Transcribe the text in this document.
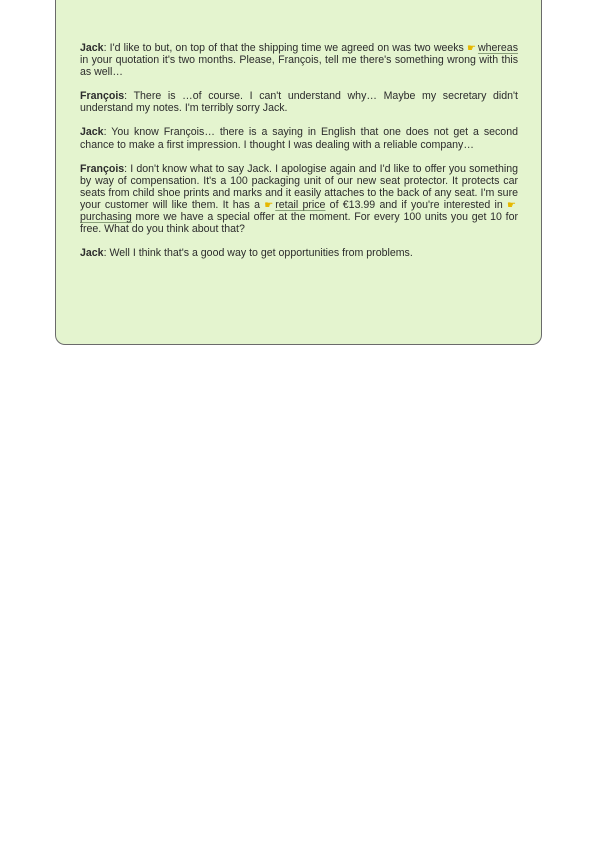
Jack: I'd like to but, on top of that the shipping time we agreed on was two weeks ☛ whereas in your quotation it's two months. Please, François, tell me there's something wrong with this as well…

François: There is …of course. I can't understand why… Maybe my secretary didn't understand my notes. I'm terribly sorry Jack.

Jack: You know François… there is a saying in English that one does not get a second chance to make a first impression. I thought I was dealing with a reliable company…

François: I don't know what to say Jack. I apologise again and I'd like to offer you something by way of compensation. It's a 100 packaging unit of our new seat protector. It protects car seats from child shoe prints and marks and it easily attaches to the back of any seat. I'm sure your customer will like them. It has a ☛ retail price of €13.99 and if you're interested in ☛purchasing more we have a special offer at the moment. For every 100 units you get 10 for free. What do you think about that?

Jack: Well I think that's a good way to get opportunities from problems.
